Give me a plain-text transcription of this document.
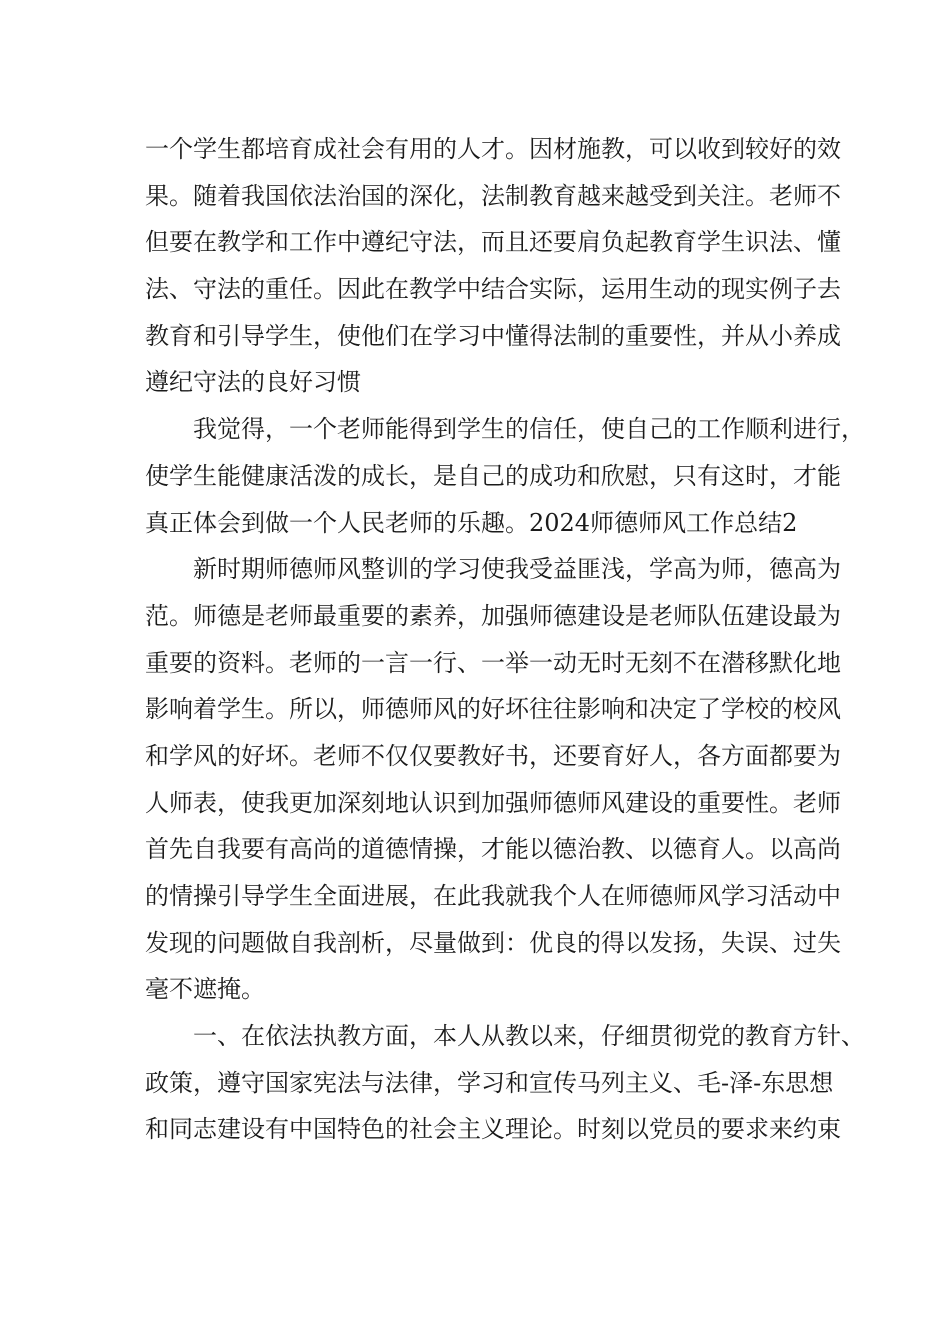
一 个 学 生 都 培 育 成 社 会 有 用 的 人 才 。 因 材 施 教 ， 可 以 收 到 较 好 的 效
果 。 随 着 我 国 依 法 治 国 的 深 化 ， 法 制 教 育 越 来 越 受 到 关 注 。 老 师 不
但 要 在 教 学 和 工 作 中 遵 纪 守 法 ， 而 且 还 要 肩 负 起 教 育 学 生 识 法 、 懂
法 、 守 法 的 重 任 。 因 此 在 教 学 中 结 合 实 际 ， 运 用 生 动 的 现 实 例 子 去
教 育 和 引 导 学 生 ， 使 他 们 在 学 习 中 懂 得 法 制 的 重 要 性 ， 并 从 小 养 成
遵纪守法的良好习惯
我 觉 得 ， 一 个 老 师 能 得 到 学 生 的 信 任 ， 使 自 己 的 工 作 顺 利 进 行 ，
使 学 生 能 健 康 活 泼 的 成 长 ， 是 自 己 的 成 功 和 欣 慰 ， 只 有 这 时 ， 才 能
真正体会到做一个人民老师的乐趣。2024师德师风工作总结2
新 时 期 师 德 师 风 整 训 的 学 习 使 我 受 益 匪 浅 ， 学 高 为 师 ， 德 高 为
范 。 师 德 是 老 师 最 重 要 的 素 养 ， 加 强 师 德 建 设 是 老 师 队 伍 建 设 最 为
重 要 的 资 料 。 老 师 的 一 言 一 行 、 一 举 一 动 无 时 无 刻 不 在 潜 移 默 化 地
影 响 着 学 生 。 所 以 ， 师 德 师 风 的 好 坏 往 往 影 响 和 决 定 了 学 校 的 校 风
和 学 风 的 好 坏 。 老 师 不 仅 仅 要 教 好 书 ， 还 要 育 好 人 ， 各 方 面 都 要 为
人 师 表 ， 使 我 更 加 深 刻 地 认 识 到 加 强 师 德 师 风 建 设 的 重 要 性 。 老 师
首 先 自 我 要 有 高 尚 的 道 德 情 操 ， 才 能 以 德 治 教 、 以 德 育 人 。 以 高 尚
的 情 操 引 导 学 生 全 面 进 展 ， 在 此 我 就 我 个 人 在 师 德 师 风 学 习 活 动 中
发 现 的 问 题 做 自 我 剖 析 ， 尽 量 做 到 ： 优 良 的 得 以 发 扬 ， 失 误 、 过 失
毫不遮掩。
一 、 在 依 法 执 教 方 面 ， 本 人 从 教 以 来 ， 仔 细 贯 彻 党 的 教 育 方 针 、
政 策 ， 遵 守 国 家 宪 法 与 法 律 ， 学 习 和 宣 传 马 列 主 义 、 毛 - 泽 - 东 思 想
和 同 志 建 设 有 中 国 特 色 的 社 会 主 义 理 论 。 时 刻 以 党 员 的 要 求 来 约 束
